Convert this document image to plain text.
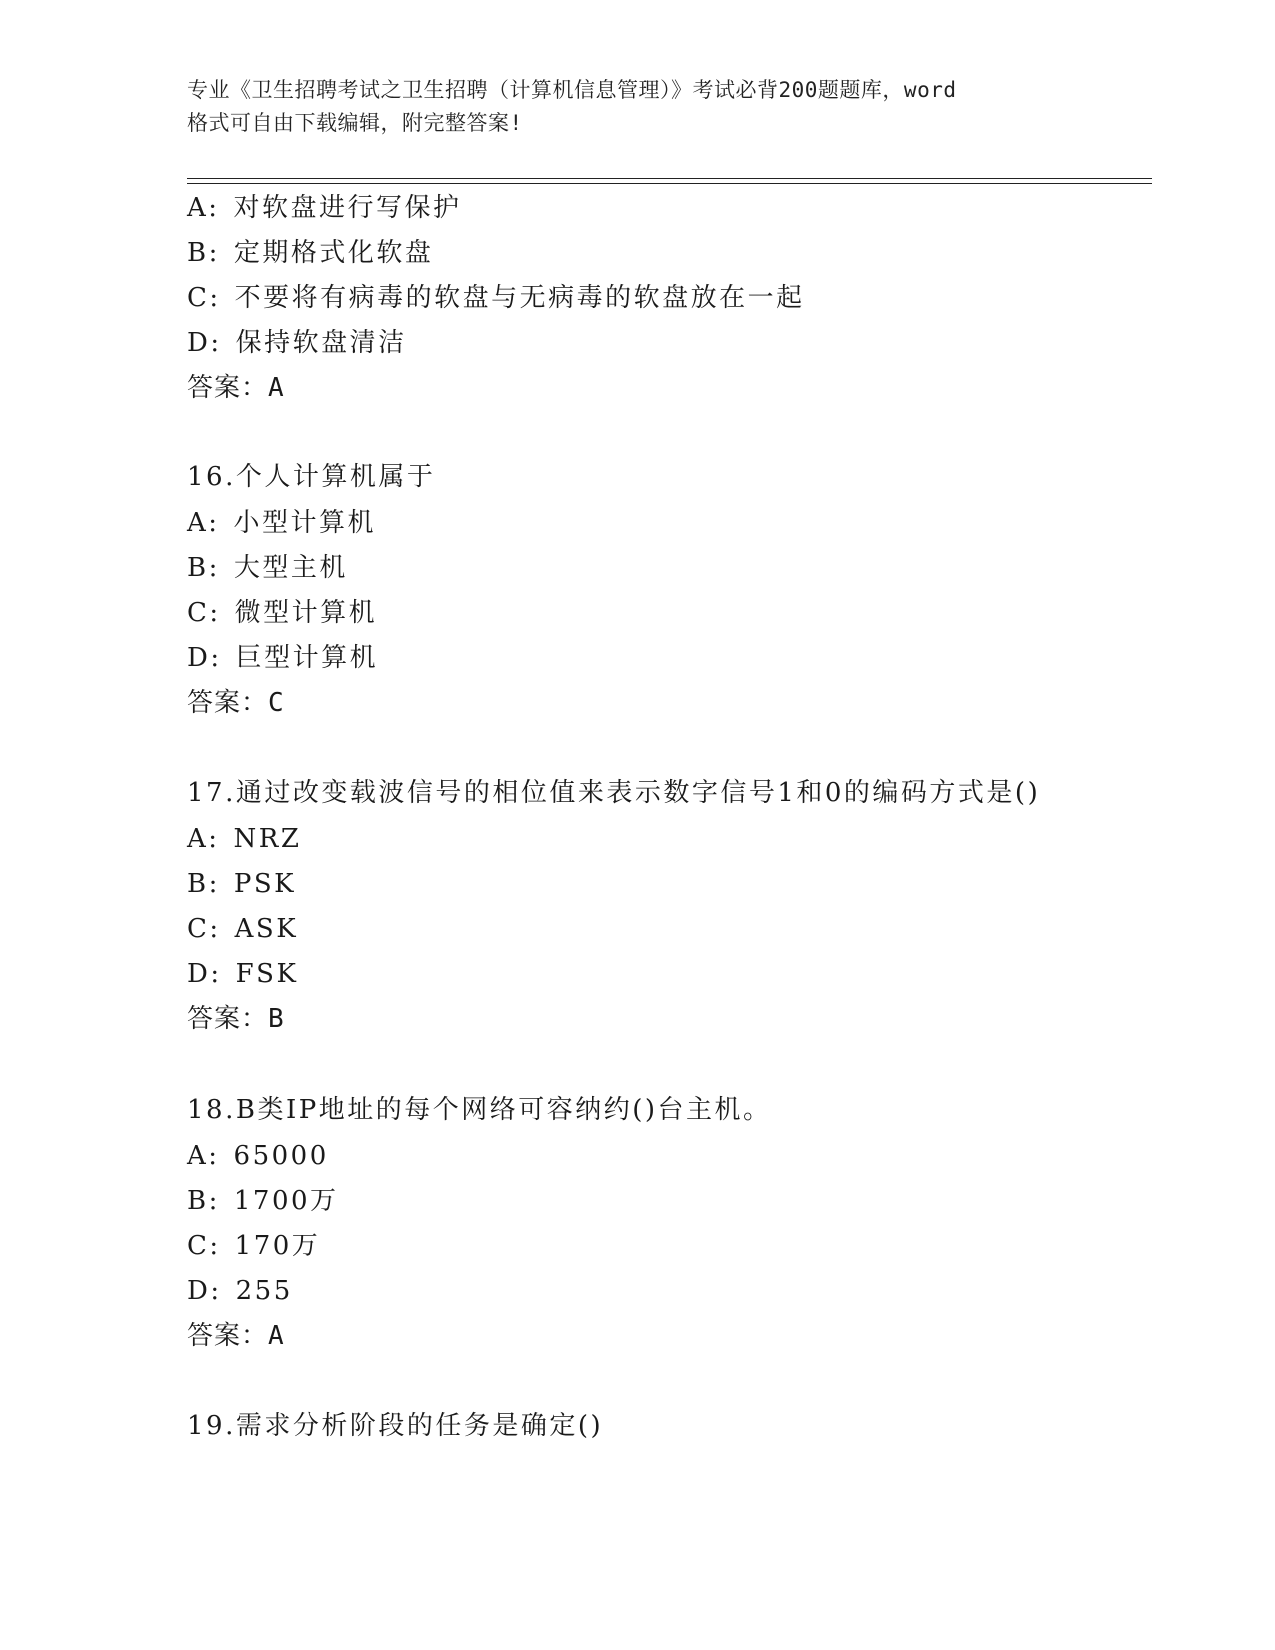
专业《卫生招聘考试之卫生招聘（计算机信息管理）》考试必背200题题库，word
格式可自由下载编辑，附完整答案!
A: 对软盘进行写保护
B: 定期格式化软盘
C: 不要将有病毒的软盘与无病毒的软盘放在一起
D: 保持软盘清洁
答案：A
16.个人计算机属于
A: 小型计算机
B: 大型主机
C: 微型计算机
D: 巨型计算机
答案：C
17.通过改变载波信号的相位值来表示数字信号1和0的编码方式是()
A: NRZ
B: PSK
C: ASK
D: FSK
答案：B
18.B类IP地址的每个网络可容纳约()台主机。
A: 65000
B: 1700万
C: 170万
D: 255
答案：A
19.需求分析阶段的任务是确定()
